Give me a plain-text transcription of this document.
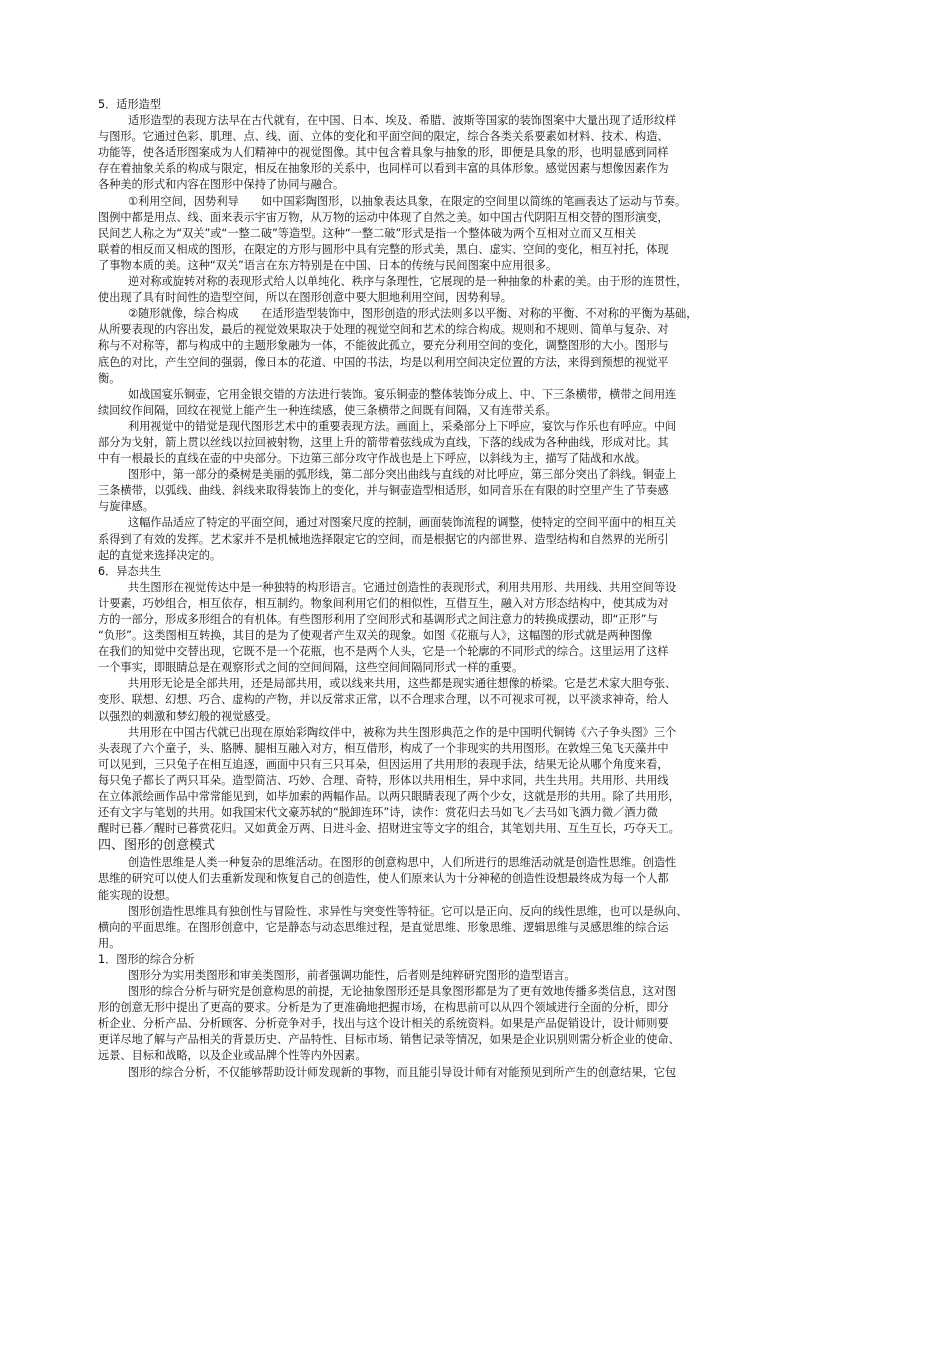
5．适形造型
适形造型的表现方法早在古代就有，在中国、日本、埃及、希腊、波斯等国家的装饰图案中大量出现了适形纹样
与图形。它通过色彩、肌理、点、线、面、立体的变化和平面空间的限定，综合各类关系要素如材料、技术、构造、
功能等，使各适形图案成为人们精神中的视觉图像。其中包含着具象与抽象的形，即便是具象的形，也明显感到同样
存在着抽象关系的构成与限定，相反在抽象形的关系中，也同样可以看到丰富的具体形象。感觉因素与想像因素作为
各种美的形式和内容在图形中保持了协同与融合。
①利用空间，因势利导　　如中国彩陶图形，以抽象表达具象，在限定的空间里以简练的笔画表达了运动与节奏。
图例中都是用点、线、面来表示宇宙万物，从万物的运动中体现了自然之美。如中国古代阴阳互相交替的图形演变，
民间艺人称之为“双关”或“一整二破”等造型。这种“一整二破”形式是指一个整体破为两个互相对立而又互相关
联着的相反而又相成的图形，在限定的方形与圆形中具有完整的形式美，黑白、虚实、空间的变化，相互衬托，体现
了事物本质的美。这种“双关”语言在东方特别是在中国、日本的传统与民间图案中应用很多。
逆对称或旋转对称的表现形式给人以单纯化、秩序与条理性，它展现的是一种抽象的朴素的美。由于形的连贯性，
使出现了具有时间性的造型空间，所以在图形创意中要大胆地利用空间，因势利导。
②随形就像，综合构成　　在适形造型装饰中，图形创造的形式法则多以平衡、对称的平衡、不对称的平衡为基础，
从所要表现的内容出发，最后的视觉效果取决于处理的视觉空间和艺术的综合构成。规则和不规则、简单与复杂、对
称与不对称等，都与构成中的主题形象融为一体，不能彼此孤立，要充分利用空间的变化，调整图形的大小。图形与
底色的对比，产生空间的强弱，像日本的花道、中国的书法，均是以利用空间决定位置的方法，来得到预想的视觉平
衡。
如战国宴乐铜壶，它用金银交错的方法进行装饰。宴乐铜壶的整体装饰分成上、中、下三条横带，横带之间用连
续回纹作间隔，回纹在视觉上能产生一种连续感，使三条横带之间既有间隔，又有连带关系。
利用视觉中的错觉是现代图形艺术中的重要表现方法。画面上，采桑部分上下呼应，宴饮与作乐也有呼应。中间
部分为戈射，箭上贯以丝线以拉回被射物，这里上升的箭带着弦线成为直线，下落的线成为各种曲线，形成对比。其
中有一根最长的直线在壶的中央部分。下边第三部分攻守作战也是上下呼应，以斜线为主，描写了陆战和水战。
图形中，第一部分的桑树是美丽的弧形线，第二部分突出曲线与直线的对比呼应，第三部分突出了斜线。铜壶上
三条横带，以弧线、曲线、斜线来取得装饰上的变化，并与铜壶造型相适形，如同音乐在有限的时空里产生了节奏感
与旋律感。
这幅作品适应了特定的平面空间，通过对图案尺度的控制，画面装饰流程的调整，使特定的空间平面中的相互关
系得到了有效的发挥。艺术家并不是机械地选择限定它的空间，而是根据它的内部世界、造型结构和自然界的光所引
起的直觉来选择决定的。
6．异态共生
共生图形在视觉传达中是一种独特的构形语言。它通过创造性的表现形式，利用共用形、共用线、共用空间等设
计要素，巧妙组合，相互依存，相互制约。物象间利用它们的相似性，互借互生，融入对方形态结构中，使其成为对
方的一部分，形成多形组合的有机体。有些图形利用了空间形式和基调形式之间注意力的转换成摆动，即“正形”与
“负形”。这类图相互转换，其目的是为了使观者产生双关的现象。如图《花瓶与人》，这幅图的形式就是两种图像
在我们的知觉中交替出现，它既不是一个花瓶，也不是两个人头，它是一个轮廓的不同形式的综合。这里运用了这样
一个事实，即眼睛总是在观察形式之间的空间间隔，这些空间间隔同形式一样的重要。
共用形无论是全部共用，还是局部共用，或以线来共用，这些都是现实通往想像的桥梁。它是艺术家大胆夸张、
变形、联想、幻想、巧合、虚构的产物，并以反常求正常，以不合理求合理，以不可视求可视，以平淡求神奇，给人
以强烈的刺激和梦幻般的视觉感受。
共用形在中国古代就已出现在原始彩陶纹伴中，被称为共生图形典范之作的是中国明代铜铸《六子争头图》三个
头表现了六个童子，头、胳膊、腿相互融入对方，相互借形，构成了一个非现实的共用图形。在敦煌三兔飞天藻井中
可以见到，三只兔子在相互追逐，画面中只有三只耳朵，但因运用了共用形的表现手法，结果无论从哪个角度来看，
每只兔子都长了两只耳朵。造型简洁、巧妙、合理、奇特，形体以共用相生，异中求同，共生共用。共用形、共用线
在立体派绘画作品中常常能见到，如毕加索的两幅作品。以两只眼睛表现了两个少女，这就是形的共用。除了共用形，
还有文字与笔划的共用。如我国宋代文豪苏轼的“脱卸连环”诗，读作：赏花归去马如飞／去马如飞酒力微／酒力微
醒时已暮／醒时已暮赏花归。又如黄金万两、日进斗金、招财进宝等文字的组合，其笔划共用、互生互长，巧夺天工。
四、图形的创意模式
创造性思维是人类一种复杂的思维活动。在图形的创意构思中，人们所进行的思维活动就是创造性思维。创造性
思维的研究可以使人们去重新发现和恢复自己的创造性，使人们原来认为十分神秘的创造性设想最终成为每一个人都
能实现的设想。
图形创造性思维具有独创性与冒险性、求异性与突变性等特征。它可以是正向、反向的线性思维，也可以是纵向、
横向的平面思维。在图形创意中，它是静态与动态思维过程，是直觉思维、形象思维、逻辑思维与灵感思维的综合运
用。
1．图形的综合分析
图形分为实用类图形和审美类图形，前者强调功能性，后者则是纯粹研究图形的造型语言。
图形的综合分析与研究是创意构思的前提，无论抽象图形还是具象图形都是为了更有效地传播多类信息，这对图
形的创意无形中提出了更高的要求。分析是为了更准确地把握市场，在构思前可以从四个领域进行全面的分析，即分
析企业、分析产品、分析顾客、分析竞争对手，找出与这个设计相关的系统资料。如果是产品促销设计，设计师则要
更详尽地了解与产品相关的背景历史、产品特性、目标市场、销售记录等情况，如果是企业识别则需分析企业的使命、
远景、目标和战略，以及企业或品牌个性等内外因素。
图形的综合分析，不仅能够帮助设计师发现新的事物，而且能引导设计师有对能预见到所产生的创意结果，它包
